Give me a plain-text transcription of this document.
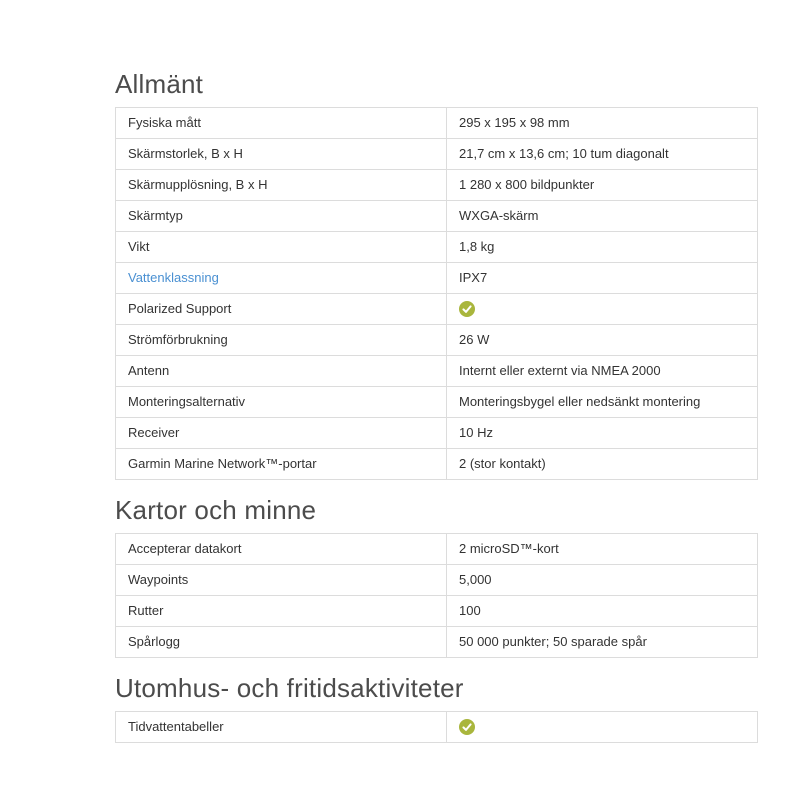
Allmänt
Fysiska mått	295 x 195 x 98 mm
Skärmstorlek, B x H	21,7 cm x 13,6 cm; 10 tum diagonalt
Skärmupplösning, B x H	1 280 x 800 bildpunkter
Skärmtyp	WXGA-skärm
Vikt	1,8 kg
Vattenklassning	IPX7
Polarized Support	

Strömförbrukning	26 W
Antenn	Internt eller externt via NMEA 2000
Monteringsalternativ	Monteringsbygel eller nedsänkt montering
Receiver	10 Hz
Garmin Marine Network™-portar	2 (stor kontakt)
Kartor och minne
Accepterar datakort	2 microSD™-kort
Waypoints	5,000
Rutter	100
Spårlogg	50 000 punkter; 50 sparade spår
Utomhus- och fritidsaktiviteter
Tidvattentabeller	
